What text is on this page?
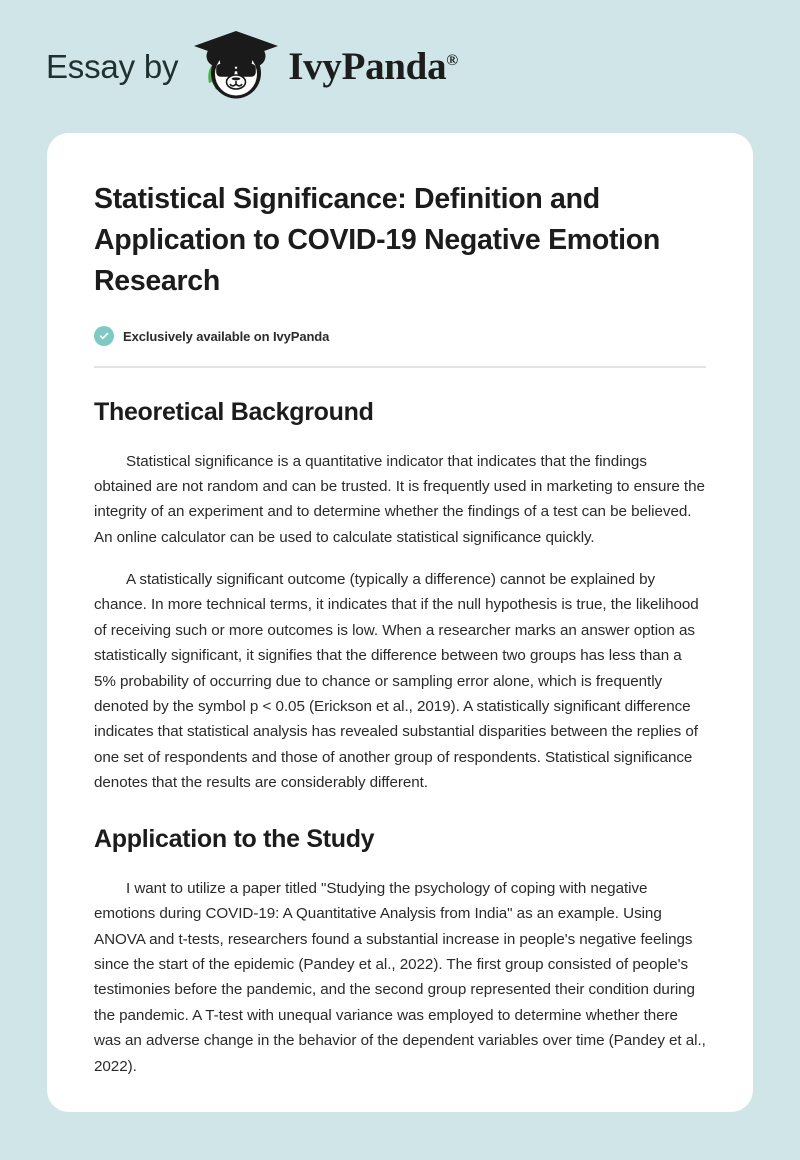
Essay by	IvyPanda®
Statistical Significance: Definition and Application to COVID-19 Negative Emotion Research
Exclusively available on IvyPanda
Theoretical Background

Statistical significance is a quantitative indicator that indicates that the findings obtained are not random and can be trusted. It is frequently used in marketing to ensure the integrity of an experiment and to determine whether the findings of a test can be believed. An online calculator can be used to calculate statistical significance quickly.

A statistically significant outcome (typically a difference) cannot be explained by chance. In more technical terms, it indicates that if the null hypothesis is true, the likelihood of receiving such or more outcomes is low. When a researcher marks an answer option as statistically significant, it signifies that the difference between two groups has less than a 5% probability of occurring due to chance or sampling error alone, which is frequently denoted by the symbol p < 0.05 (Erickson et al., 2019). A statistically significant difference indicates that statistical analysis has revealed substantial disparities between the replies of one set of respondents and those of another group of respondents. Statistical significance denotes that the results are considerably different.

Application to the Study

I want to utilize a paper titled "Studying the psychology of coping with negative emotions during COVID-19: A Quantitative Analysis from India" as an example. Using ANOVA and t-tests, researchers found a substantial increase in people's negative feelings since the start of the epidemic (Pandey et al., 2022). The first group consisted of people's testimonies before the pandemic, and the second group represented their condition during the pandemic. A T-test with unequal variance was employed to determine whether there was an adverse change in the behavior of the dependent variables over time (Pandey et al., 2022).
